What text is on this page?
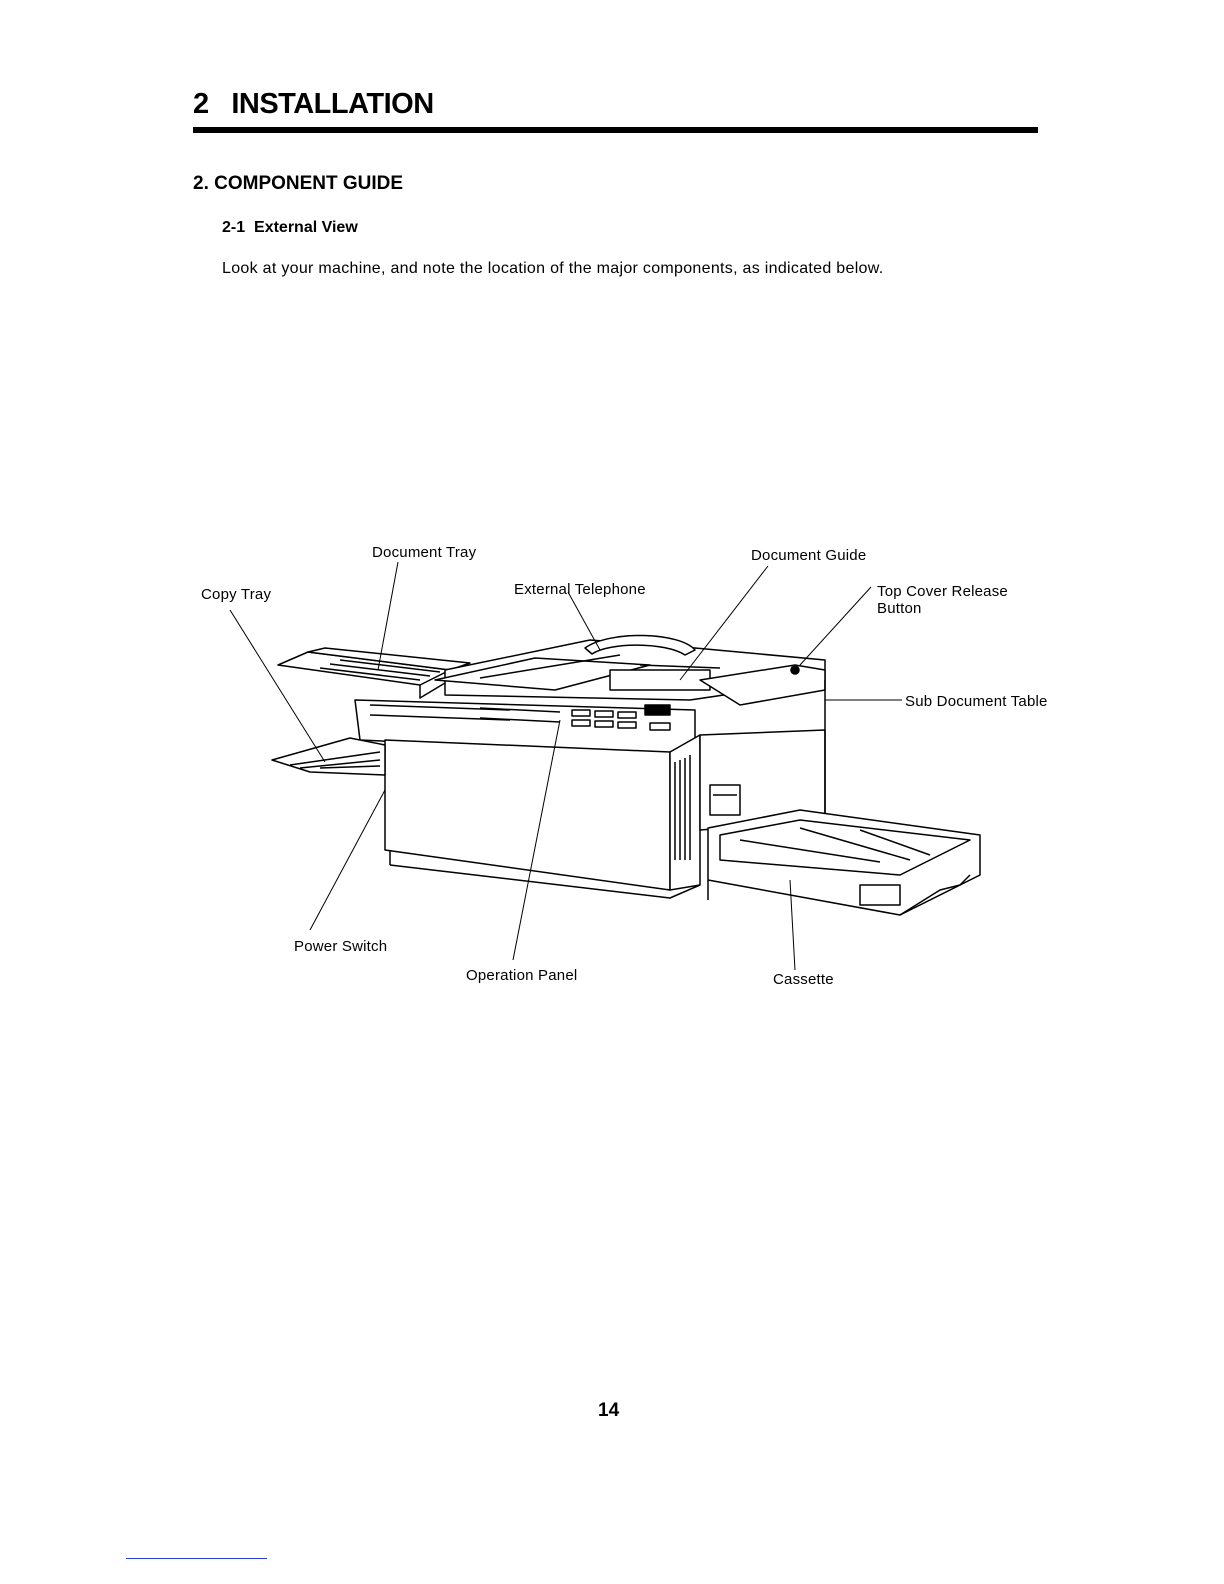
2 INSTALLATION
2. COMPONENT GUIDE
2-1 External View

Look at your machine, and note the location of the major components, as indicated below.

Document Tray	Document Guide
Copy Tray	External Telephone	Top Cover Release
Button
Sub Document Table
Power Switch
Operation Panel	Cassette
14
